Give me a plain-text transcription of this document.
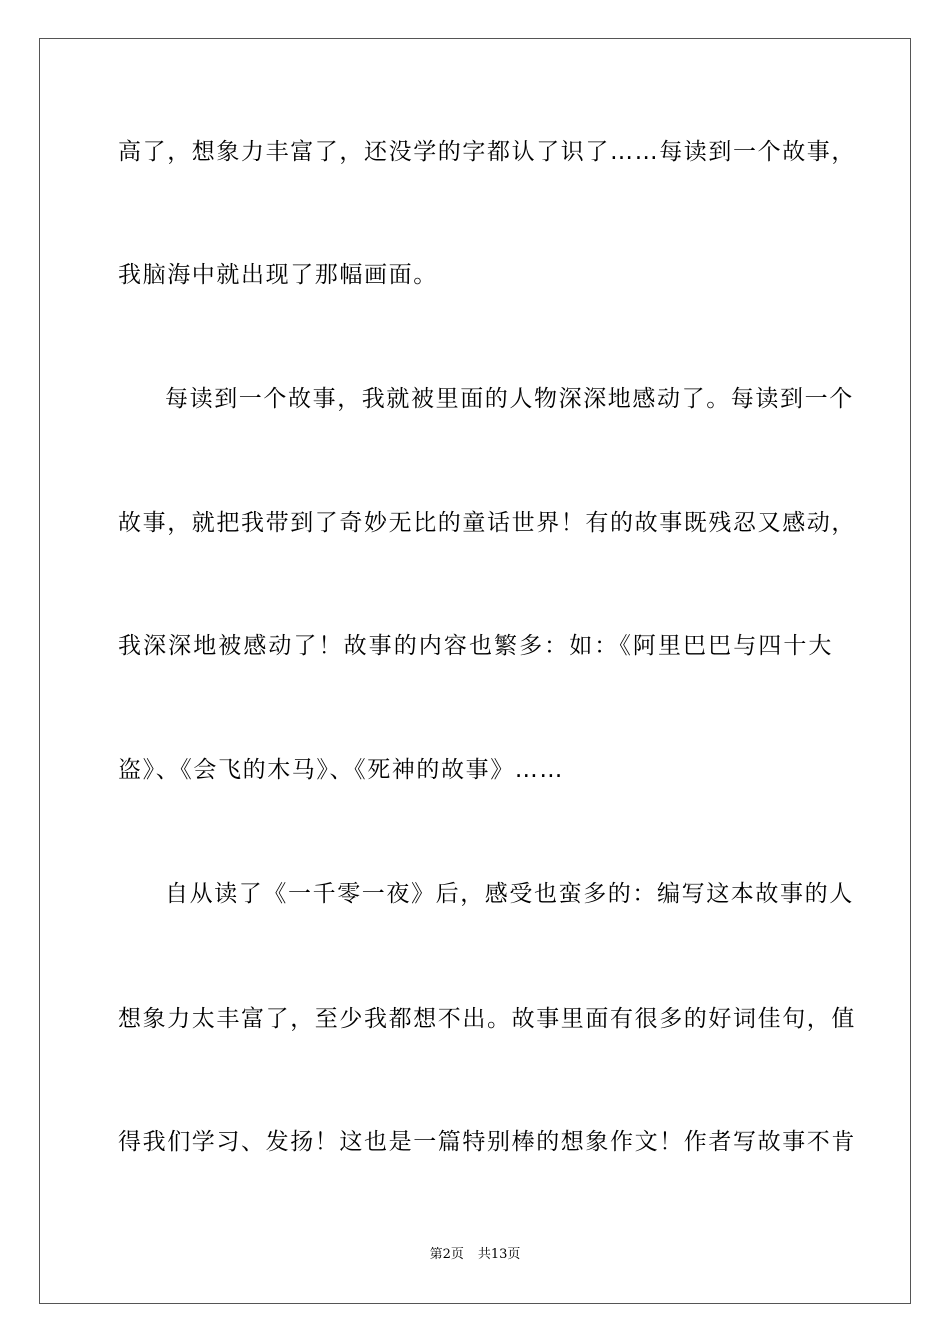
高了，想象力丰富了，还没学的字都认了识了……每读到一个故事，
我脑海中就出现了那幅画面。
每读到一个故事，我就被里面的人物深深地感动了。每读到一个
故事，就把我带到了奇妙无比的童话世界！有的故事既残忍又感动，
我深深地被感动了！故事的内容也繁多：如：《阿里巴巴与四十大
盗》、《会飞的木马》、《死神的故事》……
自从读了《一千零一夜》后，感受也蛮多的：编写这本故事的人
想象力太丰富了，至少我都想不出。故事里面有很多的好词佳句，值
得我们学习、发扬！这也是一篇特别棒的想象作文！作者写故事不肯
第2页 共13页
